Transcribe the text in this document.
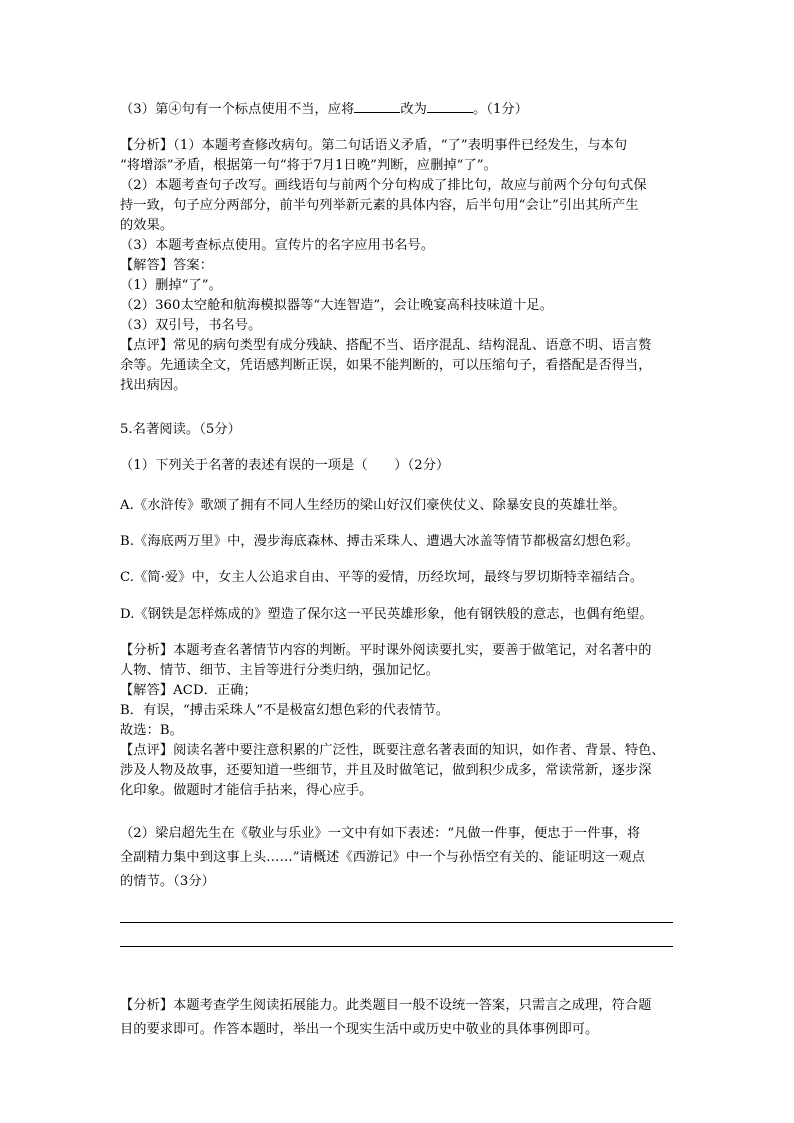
（3）第④句有一个标点使用不当，应将	改为	。（1分）
【分析】（1）本题考查修改病句。第二句话语义矛盾，“了”表明事件已经发生，与本句
“将增添”矛盾，根据第一句“将于7月1日晚”判断，应删掉“了”。
（2）本题考查句子改写。画线语句与前两个分句构成了排比句，故应与前两个分句句式保
持一致，句子应分两部分，前半句列举新元素的具体内容，后半句用“会让”引出其所产生
的效果。
（3）本题考查标点使用。宣传片的名字应用书名号。
【解答】答案：
（1）删掉“了”。
（2）360太空舱和航海模拟器等“大连智造”，会让晚宴高科技味道十足。
（3）双引号，书名号。
【点评】常见的病句类型有成分残缺、搭配不当、语序混乱、结构混乱、语意不明、语言赘
余等。先通读全文，凭语感判断正误，如果不能判断的，可以压缩句子，看搭配是否得当，
找出病因。
5.名著阅读。（5分）
（1）下列关于名著的表述有误的一项是（　　）（2分）
A.《水浒传》歌颂了拥有不同人生经历的梁山好汉们豪侠仗义、除暴安良的英雄壮举。
B.《海底两万里》中，漫步海底森林、搏击采珠人、遭遇大冰盖等情节都极富幻想色彩。
C.《简·爱》中，女主人公追求自由、平等的爱情，历经坎坷，最终与罗切斯特幸福结合。
D.《钢铁是怎样炼成的》塑造了保尔这一平民英雄形象，他有钢铁般的意志，也偶有绝望。
【分析】本题考查名著情节内容的判断。平时课外阅读要扎实，要善于做笔记，对名著中的
人物、情节、细节、主旨等进行分类归纳，强加记忆。
【解答】ACD．正确；
B．有误，“搏击采珠人”不是极富幻想色彩的代表情节。
故选：B。
【点评】阅读名著中要注意积累的广泛性，既要注意名著表面的知识，如作者、背景、特色、
涉及人物及故事，还要知道一些细节，并且及时做笔记，做到积少成多，常读常新，逐步深
化印象。做题时才能信手拈来，得心应手。
（2）梁启超先生在《敬业与乐业》一文中有如下表述：“凡做一件事，便忠于一件事，将
全副精力集中到这事上头……”请概述《西游记》中一个与孙悟空有关的、能证明这一观点
的情节。（3分）
【分析】本题考查学生阅读拓展能力。此类题目一般不设统一答案，只需言之成理，符合题
目的要求即可。作答本题时，举出一个现实生活中或历史中敬业的具体事例即可。
